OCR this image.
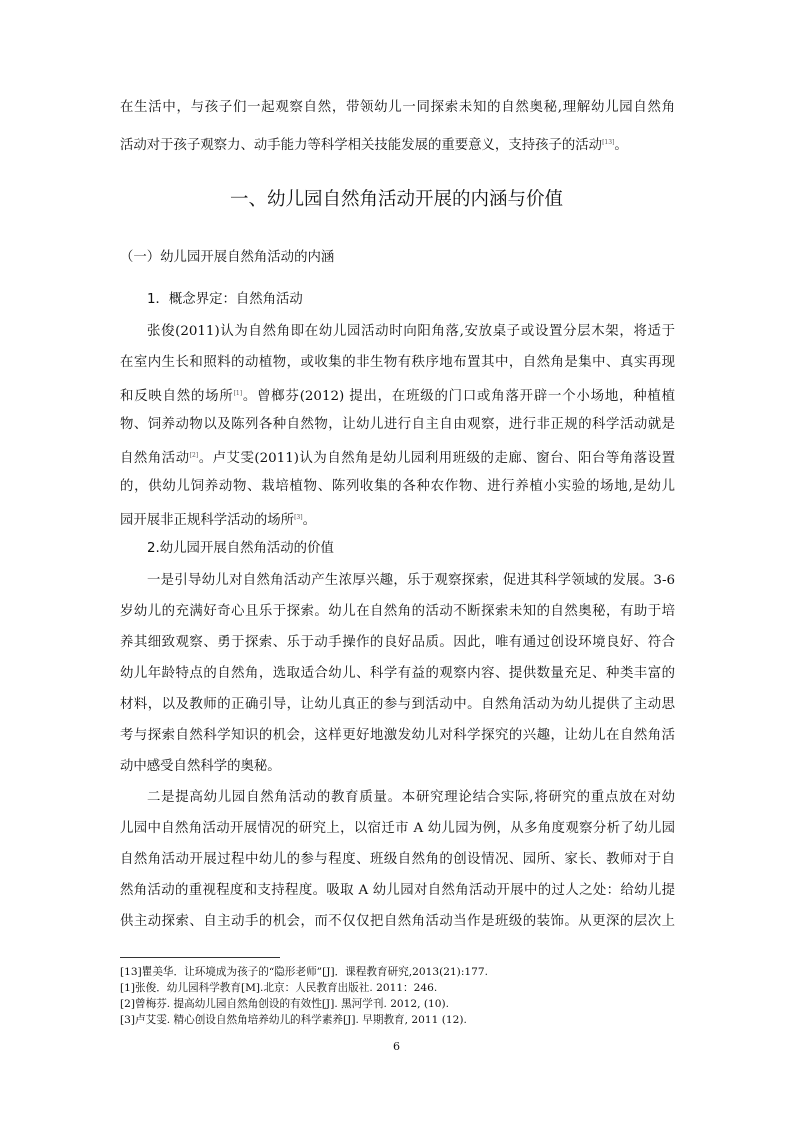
在生活中，与孩子们一起观察自然，带领幼儿一同探索未知的自然奥秘,理解幼儿园自然角
活动对于孩子观察力、动手能力等科学相关技能发展的重要意义，支持孩子的活动[13]。
一、幼儿园自然角活动开展的内涵与价值
（一）幼儿园开展自然角活动的内涵
1．概念界定：自然角活动
张俊(2011)认为自然角即在幼儿园活动时向阳角落,安放桌子或设置分层木架，将适于
在室内生长和照料的动植物，或收集的非生物有秩序地布置其中，自然角是集中、真实再现
和反映自然的场所[1]。曾榔芬(2012) 提出，在班级的门口或角落开辟一个小场地，种植植
物、饲养动物以及陈列各种自然物，让幼儿进行自主自由观察，进行非正规的科学活动就是
自然角活动[2]。卢艾雯(2011)认为自然角是幼儿园利用班级的走廊、窗台、阳台等角落设置
的，供幼儿饲养动物、栽培植物、陈列收集的各种农作物、进行养植小实验的场地,是幼儿
园开展非正规科学活动的场所[3]。
2.幼儿园开展自然角活动的价值
一是引导幼儿对自然角活动产生浓厚兴趣，乐于观察探索，促进其科学领域的发展。3-6
岁幼儿的充满好奇心且乐于探索。幼儿在自然角的活动不断探索未知的自然奥秘，有助于培
养其细致观察、勇于探索、乐于动手操作的良好品质。因此，唯有通过创设环境良好、符合
幼儿年龄特点的自然角，选取适合幼儿、科学有益的观察内容、提供数量充足、种类丰富的
材料，以及教师的正确引导，让幼儿真正的参与到活动中。自然角活动为幼儿提供了主动思
考与探索自然科学知识的机会，这样更好地激发幼儿对科学探究的兴趣，让幼儿在自然角活
动中感受自然科学的奥秘。
二是提高幼儿园自然角活动的教育质量。本研究理论结合实际,将研究的重点放在对幼
儿园中自然角活动开展情况的研究上，以宿迁市 A 幼儿园为例，从多角度观察分析了幼儿园
自然角活动开展过程中幼儿的参与程度、班级自然角的创设情况、园所、家长、教师对于自
然角活动的重视程度和支持程度。吸取 A 幼儿园对自然角活动开展中的过人之处：给幼儿提
供主动探索、自主动手的机会，而不仅仅把自然角活动当作是班级的装饰。从更深的层次上
[13]瞿美华．让环境成为孩子的“隐形老师”[J]．课程教育研究,2013(21):177.
[1]张俊．幼儿园科学教育[M].北京：人民教育出版社. 2011：246.
[2]曾梅芬. 提高幼儿园自然角创设的有效性[J]. 黑河学刊. 2012, (10).
[3]卢艾雯. 精心创设自然角培养幼儿的科学素养[J]. 早期教育, 2011 (12).
6
